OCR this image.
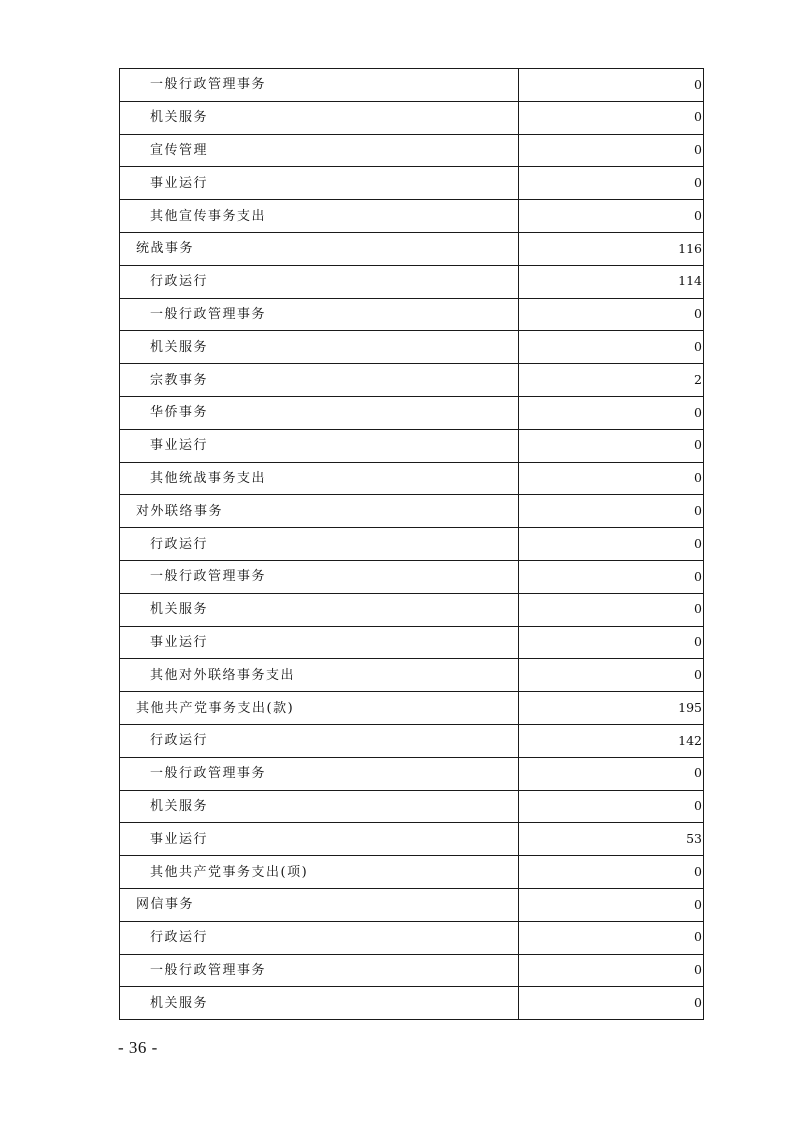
一般行政管理事务	0
机关服务	0
宣传管理	0
事业运行	0
其他宣传事务支出	0
统战事务	116
行政运行	114
一般行政管理事务	0
机关服务	0
宗教事务	2
华侨事务	0
事业运行	0
其他统战事务支出	0
对外联络事务	0
行政运行	0
一般行政管理事务	0
机关服务	0
事业运行	0
其他对外联络事务支出	0
其他共产党事务支出(款)	195
行政运行	142
一般行政管理事务	0
机关服务	0
事业运行	53
其他共产党事务支出(项)	0
网信事务	0
行政运行	0
一般行政管理事务	0
机关服务	0
- 36 -
